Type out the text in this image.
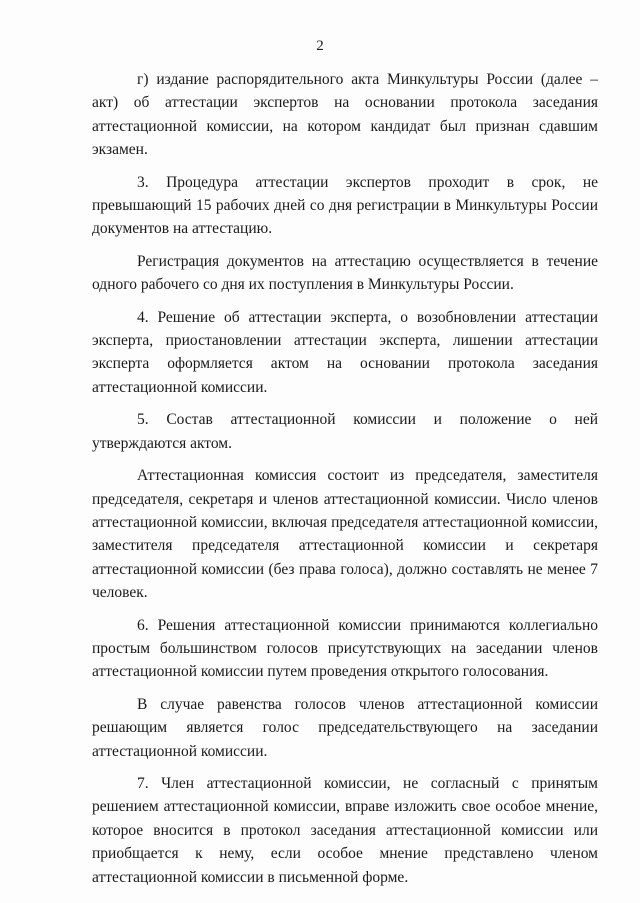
2

г) издание распорядительного акта Минкультуры России (далее – акт) об аттестации экспертов на основании протокола заседания аттестационной комиссии, на котором кандидат был признан сдавшим экзамен.

3. Процедура аттестации экспертов проходит в срок, не превышающий 15 рабочих дней со дня регистрации в Минкультуры России документов на аттестацию.

Регистрация документов на аттестацию осуществляется в течение одного рабочего со дня их поступления в Минкультуры России.

4. Решение об аттестации эксперта, о возобновлении аттестации эксперта, приостановлении аттестации эксперта, лишении аттестации эксперта оформляется актом на основании протокола заседания аттестационной комиссии.

5. Состав аттестационной комиссии и положение о ней утверждаются актом.

Аттестационная комиссия состоит из председателя, заместителя председателя, секретаря и членов аттестационной комиссии. Число членов аттестационной комиссии, включая председателя аттестационной комиссии, заместителя председателя аттестационной комиссии и секретаря аттестационной комиссии (без права голоса), должно составлять не менее 7 человек.

6. Решения аттестационной комиссии принимаются коллегиально простым большинством голосов присутствующих на заседании членов аттестационной комиссии путем проведения открытого голосования.

В случае равенства голосов членов аттестационной комиссии решающим является голос председательствующего на заседании аттестационной комиссии.

7. Член аттестационной комиссии, не согласный с принятым решением аттестационной комиссии, вправе изложить свое особое мнение, которое вносится в протокол заседания аттестационной комиссии или приобщается к нему, если особое мнение представлено членом аттестационной комиссии в письменной форме.
